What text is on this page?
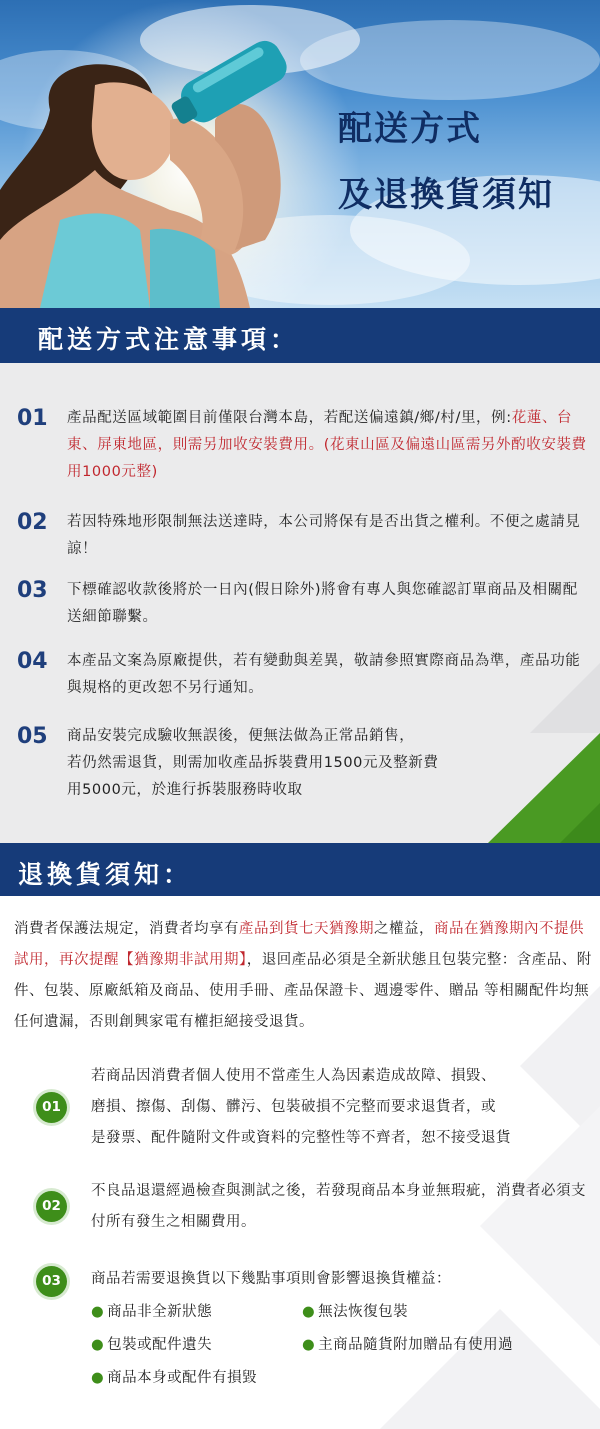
配送方式
及退換貨須知
配送方式注意事項：
01 產品配送區域範圍目前僅限台灣本島，若配送偏遠鎮/鄉/村/里，例:花蓮、台東、屏東地區，則需另加收安裝費用。(花東山區及偏遠山區需另外酌收安裝費用1000元整)

02 若因特殊地形限制無法送達時，本公司將保有是否出貨之權利。不便之處請見諒！

03 下標確認收款後將於一日內(假日除外)將會有專人與您確認訂單商品及相關配送細節聯繫。

04 本產品文案為原廠提供，若有變動與差異，敬請參照實際商品為準，產品功能與規格的更改恕不另行通知。

05 商品安裝完成驗收無誤後，便無法做為正常品銷售，
若仍然需退貨，則需加收產品拆裝費用1500元及整新費
用5000元，於進行拆裝服務時收取

退換貨須知：

消費者保護法規定，消費者均享有產品到貨七天猶豫期之權益，商品在猶豫期內不提供試用，再次提醒【猶豫期非試用期】，退回產品必須是全新狀態且包裝完整：含產品、附件、包裝、原廠紙箱及商品、使用手冊、產品保證卡、週邊零件、贈品 等相關配件均無任何遺漏，否則創興家電有權拒絕接受退貨。

01

若商品因消費者個人使用不當產生人為因素造成故障、損毀、
磨損、擦傷、刮傷、髒污、包裝破損不完整而要求退貨者，或
是發票、配件隨附文件或資料的完整性等不齊者，恕不接受退貨

02

不良品退還經過檢查與測試之後，若發現商品本身並無瑕疵，消費者必須支付所有發生之相關費用。

03	商品若需要退換貨以下幾點事項則會影響退換貨權益：

● 商品非全新狀態	● 無法恢復包裝
● 包裝或配件遺失	● 主商品隨貨附加贈品有使用過
● 商品本身或配件有損毀
